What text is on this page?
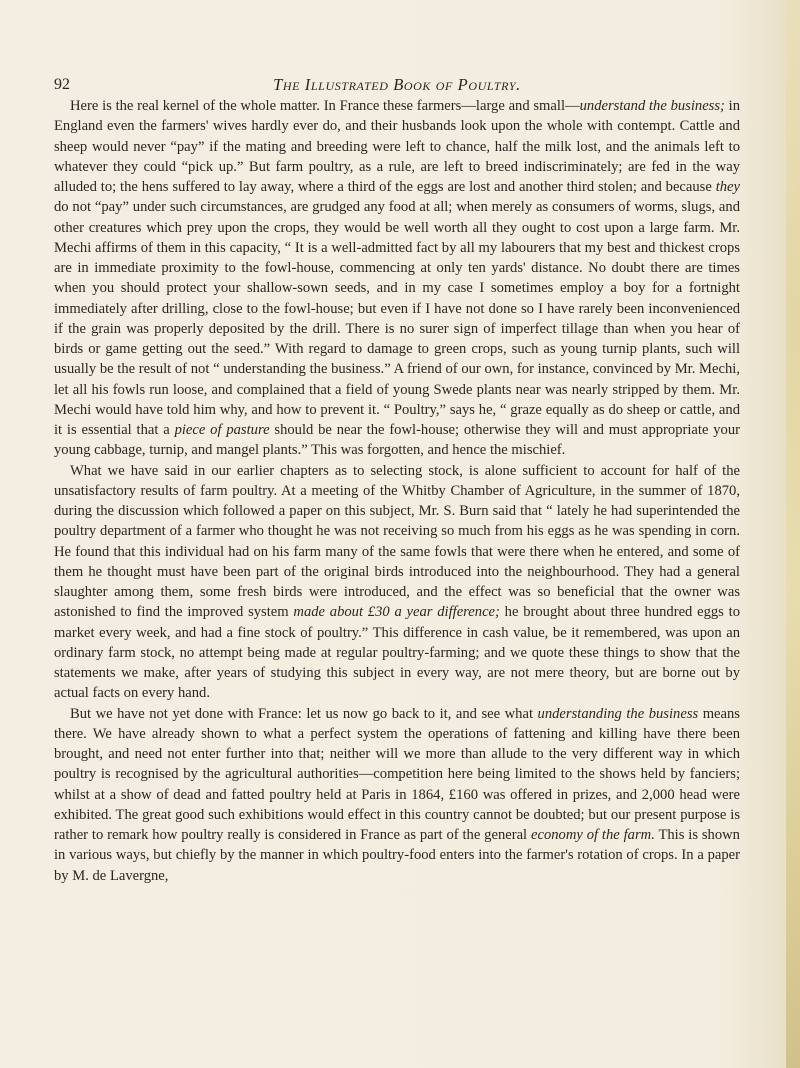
92	The Illustrated Book of Poultry.

Here is the real kernel of the whole matter. In France these farmers—large and small—understand the business; in England even the farmers' wives hardly ever do, and their husbands look upon the whole with contempt. Cattle and sheep would never “pay” if the mating and breeding were left to chance, half the milk lost, and the animals left to whatever they could “pick up.” But farm poultry, as a rule, are left to breed indiscriminately; are fed in the way alluded to; the hens suffered to lay away, where a third of the eggs are lost and another third stolen; and because they do not “pay” under such circumstances, are grudged any food at all; when merely as consumers of worms, slugs, and other creatures which prey upon the crops, they would be well worth all they ought to cost upon a large farm. Mr. Mechi affirms of them in this capacity, “ It is a well-admitted fact by all my labourers that my best and thickest crops are in immediate proximity to the fowl-house, commencing at only ten yards' distance. No doubt there are times when you should protect your shallow-sown seeds, and in my case I sometimes employ a boy for a fortnight immediately after drilling, close to the fowl-house; but even if I have not done so I have rarely been inconvenienced if the grain was properly deposited by the drill. There is no surer sign of imperfect tillage than when you hear of birds or game getting out the seed.” With regard to damage to green crops, such as young turnip plants, such will usually be the result of not “ understanding the business.” A friend of our own, for instance, convinced by Mr. Mechi, let all his fowls run loose, and complained that a field of young Swede plants near was nearly stripped by them. Mr. Mechi would have told him why, and how to prevent it. “ Poultry,” says he, “ graze equally as do sheep or cattle, and it is essential that a piece of pasture should be near the fowl-house; otherwise they will and must appropriate your young cabbage, turnip, and mangel plants.” This was forgotten, and hence the mischief.

What we have said in our earlier chapters as to selecting stock, is alone sufficient to account for half of the unsatisfactory results of farm poultry. At a meeting of the Whitby Chamber of Agriculture, in the summer of 1870, during the discussion which followed a paper on this subject, Mr. S. Burn said that “ lately he had superintended the poultry department of a farmer who thought he was not receiving so much from his eggs as he was spending in corn. He found that this individual had on his farm many of the same fowls that were there when he entered, and some of them he thought must have been part of the original birds introduced into the neighbourhood. They had a general slaughter among them, some fresh birds were introduced, and the effect was so beneficial that the owner was astonished to find the improved system made about £30 a year difference; he brought about three hundred eggs to market every week, and had a fine stock of poultry.” This difference in cash value, be it remembered, was upon an ordinary farm stock, no attempt being made at regular poultry-farming; and we quote these things to show that the statements we make, after years of studying this subject in every way, are not mere theory, but are borne out by actual facts on every hand.

But we have not yet done with France: let us now go back to it, and see what understanding the business means there. We have already shown to what a perfect system the operations of fattening and killing have there been brought, and need not enter further into that; neither will we more than allude to the very different way in which poultry is recognised by the agricultural authorities—competition here being limited to the shows held by fanciers; whilst at a show of dead and fatted poultry held at Paris in 1864, £160 was offered in prizes, and 2,000 head were exhibited. The great good such exhibitions would effect in this country cannot be doubted; but our present purpose is rather to remark how poultry really is considered in France as part of the general economy of the farm. This is shown in various ways, but chiefly by the manner in which poultry-food enters into the farmer's rotation of crops. In a paper by M. de Lavergne,
